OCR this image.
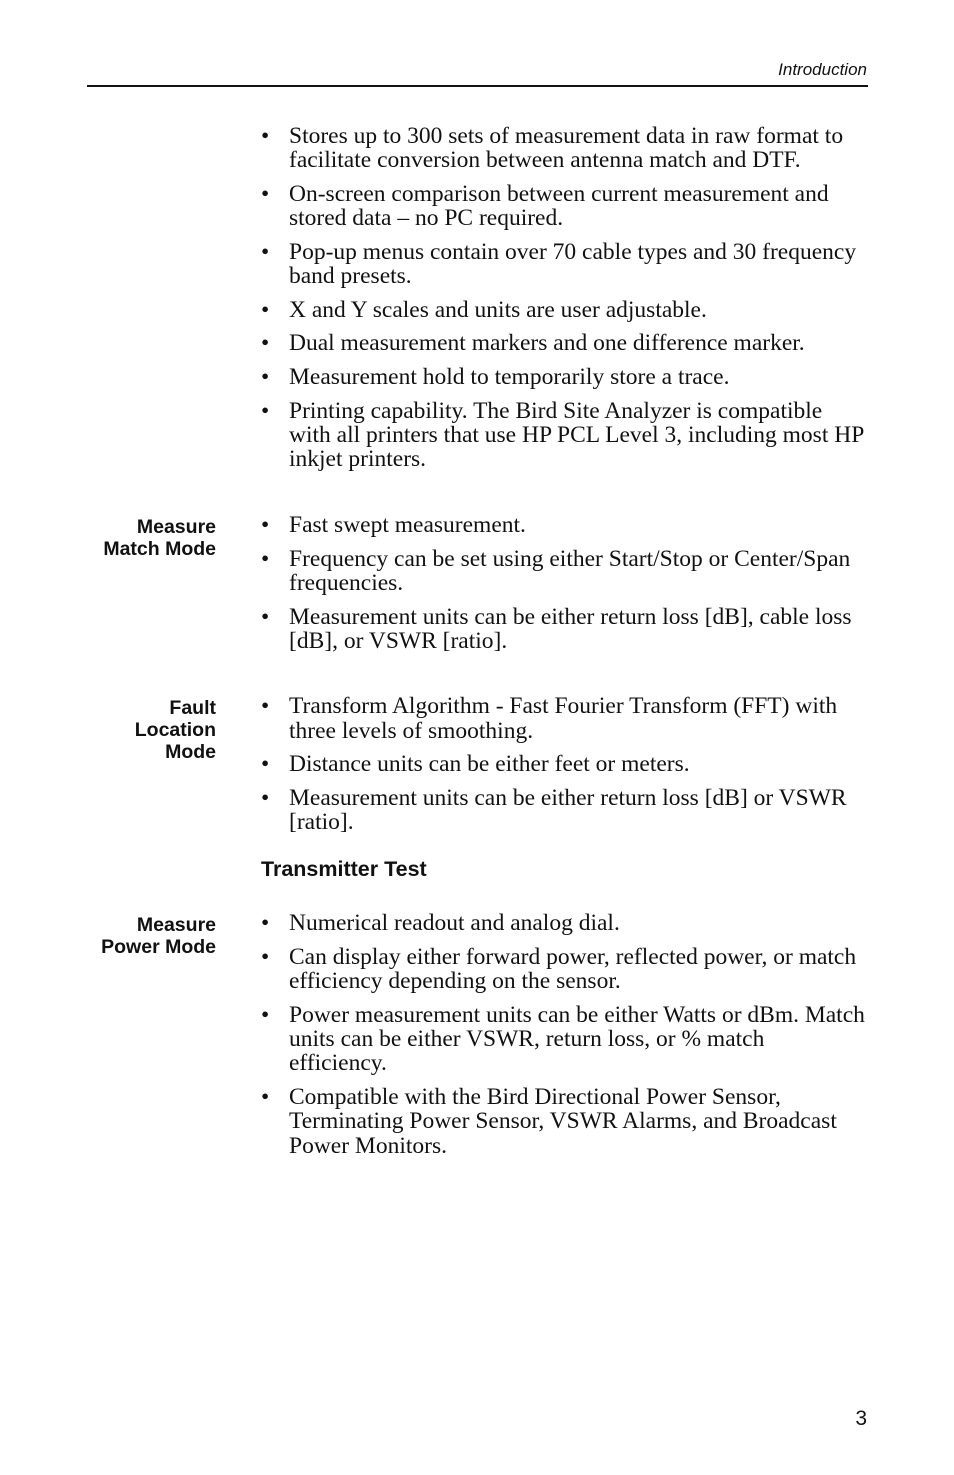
Introduction
• Stores up to 300 sets of measurement data in raw format to facilitate conversion between antenna match and DTF.
• On-screen comparison between current measurement and stored data – no PC required.
• Pop-up menus contain over 70 cable types and 30 frequency band presets.
• X and Y scales and units are user adjustable.
• Dual measurement markers and one difference marker.
• Measurement hold to temporarily store a trace.
• Printing capability. The Bird Site Analyzer is compatible with all printers that use HP PCL Level 3, including most HP inkjet printers.
Measure
Match Mode
• Fast swept measurement.
• Frequency can be set using either Start/Stop or Center/Span frequencies.
• Measurement units can be either return loss [dB], cable loss [dB], or VSWR [ratio].
Fault
Location
Mode
• Transform Algorithm - Fast Fourier Transform (FFT) with three levels of smoothing.
• Distance units can be either feet or meters.
• Measurement units can be either return loss [dB] or VSWR [ratio].
Transmitter Test
Measure
Power Mode
• Numerical readout and analog dial.
• Can display either forward power, reflected power, or match efficiency depending on the sensor.
• Power measurement units can be either Watts or dBm. Match units can be either VSWR, return loss, or % match efficiency.
• Compatible with the Bird Directional Power Sensor, Terminating Power Sensor, VSWR Alarms, and Broadcast Power Monitors.
3
